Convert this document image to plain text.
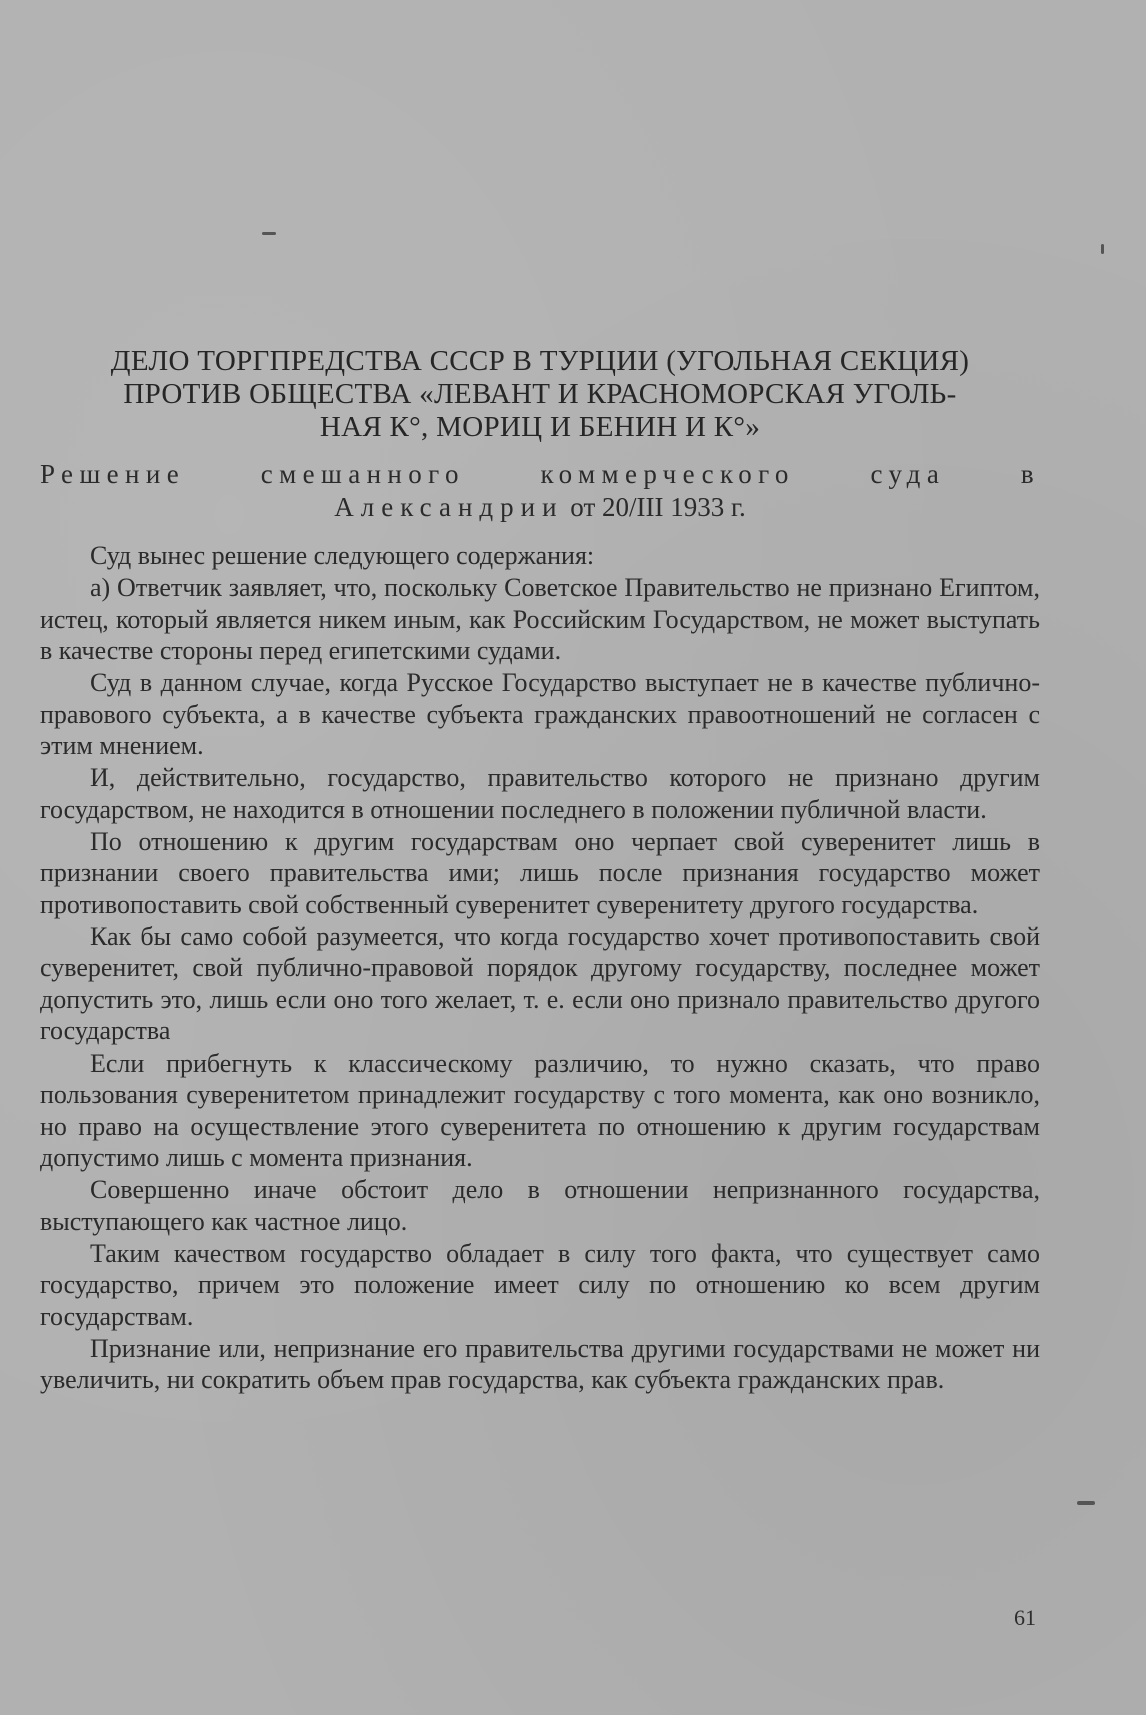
ДЕЛО ТОРГПРЕДСТВА СССР В ТУРЦИИ (УГОЛЬНАЯ СЕКЦИЯ)
ПРОТИВ ОБЩЕСТВА «ЛЕВАНТ И КРАСНОМОРСКАЯ УГОЛЬ-
НАЯ К°, МОРИЦ И БЕНИН И К°»
Решение смешанного коммерческого суда в
Александрии от 20/III 1933 г.

Суд вынес решение следующего содержания:

а) Ответчик заявляет, что, поскольку Советское Правительство не признано Египтом, истец, который является никем иным, как Российским Государством, не может выступать в качестве стороны перед египетскими судами.

Суд в данном случае, когда Русское Государство выступает не в качестве публично-правового субъекта, а в качестве субъекта гражданских правоотношений не согласен с этим мнением.

И, действительно, государство, правительство которого не признано другим государством, не находится в отношении последнего в положении публичной власти.

По отношению к другим государствам оно черпает свой суверенитет лишь в признании своего правительства ими; лишь после признания государство может противопоставить свой собственный суверенитет суверенитету другого государства.

Как бы само собой разумеется, что когда государство хочет противопоставить свой суверенитет, свой публично-правовой порядок другому государству, последнее может допустить это, лишь если оно того желает, т. е. если оно признало правительство другого государства

Если прибегнуть к классическому различию, то нужно сказать, что право пользования суверенитетом принадлежит государству с того момента, как оно возникло, но право на осуществление этого суверенитета по отношению к другим государствам допустимо лишь с момента признания.

Совершенно иначе обстоит дело в отношении непризнанного государства, выступающего как частное лицо.

Таким качеством государство обладает в силу того факта, что существует само государство, причем это положение имеет силу по отношению ко всем другим государствам.

Признание или, непризнание его правительства другими государствами не может ни увеличить, ни сократить объем прав государства, как субъекта гражданских прав.

61
